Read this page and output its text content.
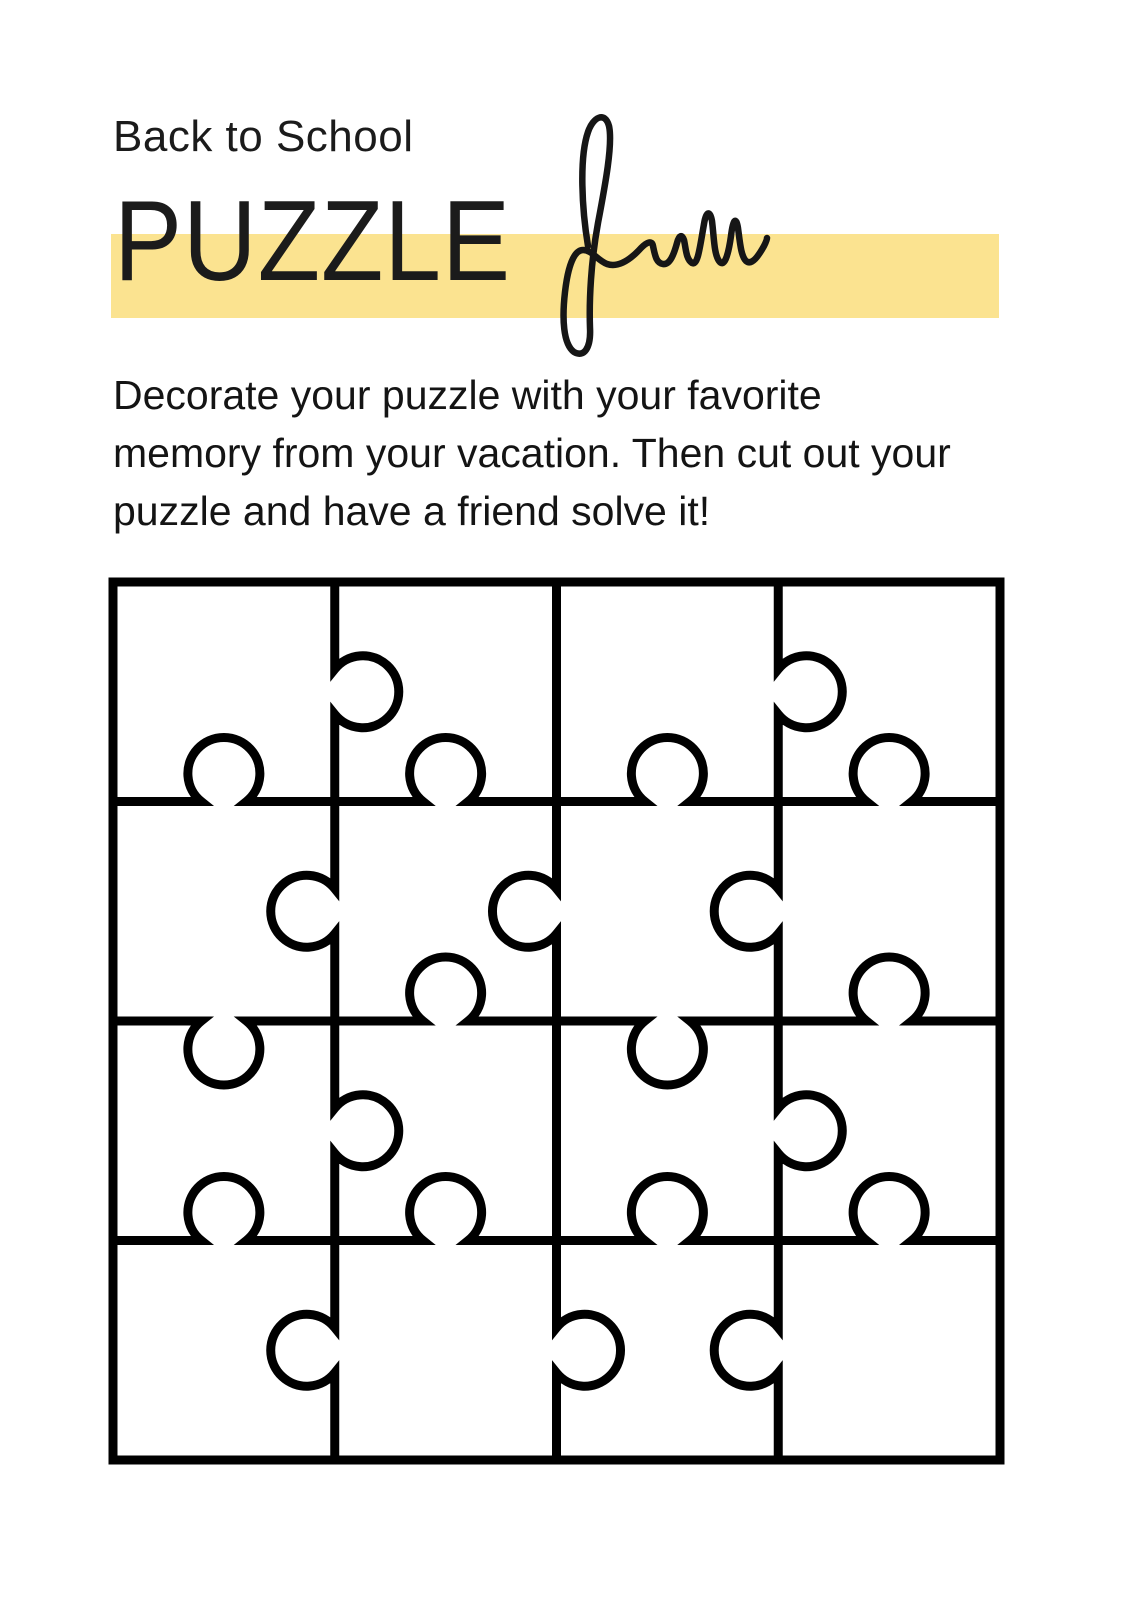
Back to School
PUZZLE
Decorate your puzzle with your favorite
memory from your vacation. Then cut out your
puzzle and have a friend solve it!
